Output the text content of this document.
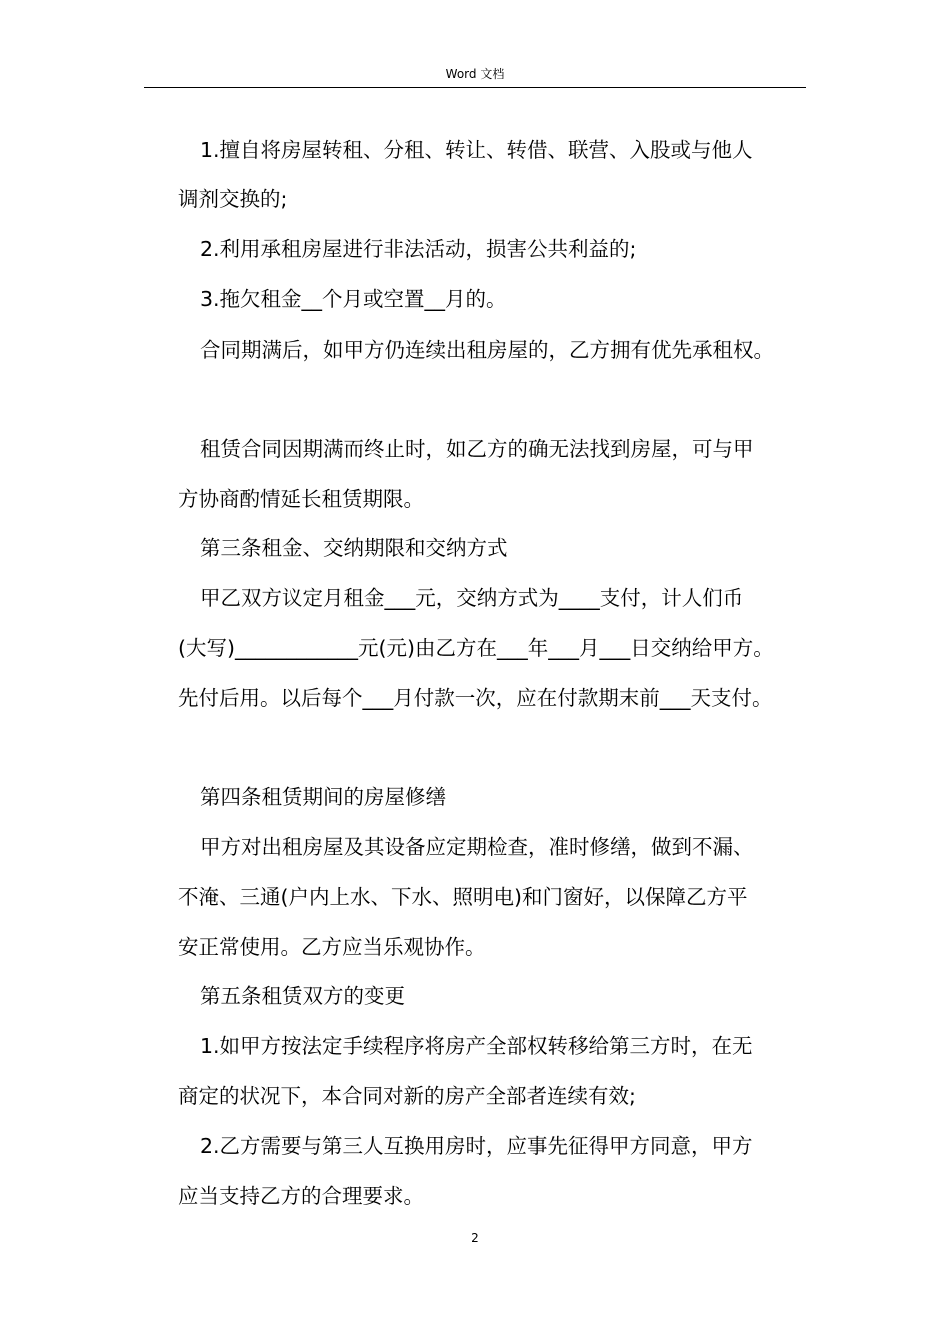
Word 文档
1.擅自将房屋转租、分租、转让、转借、联营、入股或与他人
调剂交换的;
2.利用承租房屋进行非法活动，损害公共利益的;
3.拖欠租金__个月或空置__月的。
合同期满后，如甲方仍连续出租房屋的，乙方拥有优先承租权。
租赁合同因期满而终止时，如乙方的确无法找到房屋，可与甲
方协商酌情延长租赁期限。
第三条租金、交纳期限和交纳方式
甲乙双方议定月租金___元，交纳方式为____支付，计人们币
(大写)____________元(元)由乙方在___年___月___日交纳给甲方。
先付后用。以后每个___月付款一次，应在付款期末前___天支付。
第四条租赁期间的房屋修缮
甲方对出租房屋及其设备应定期检查，准时修缮，做到不漏、
不淹、三通(户内上水、下水、照明电)和门窗好，以保障乙方平
安正常使用。乙方应当乐观协作。
第五条租赁双方的变更
1.如甲方按法定手续程序将房产全部权转移给第三方时，在无
商定的状况下，本合同对新的房产全部者连续有效;
2.乙方需要与第三人互换用房时，应事先征得甲方同意，甲方
应当支持乙方的合理要求。
2
